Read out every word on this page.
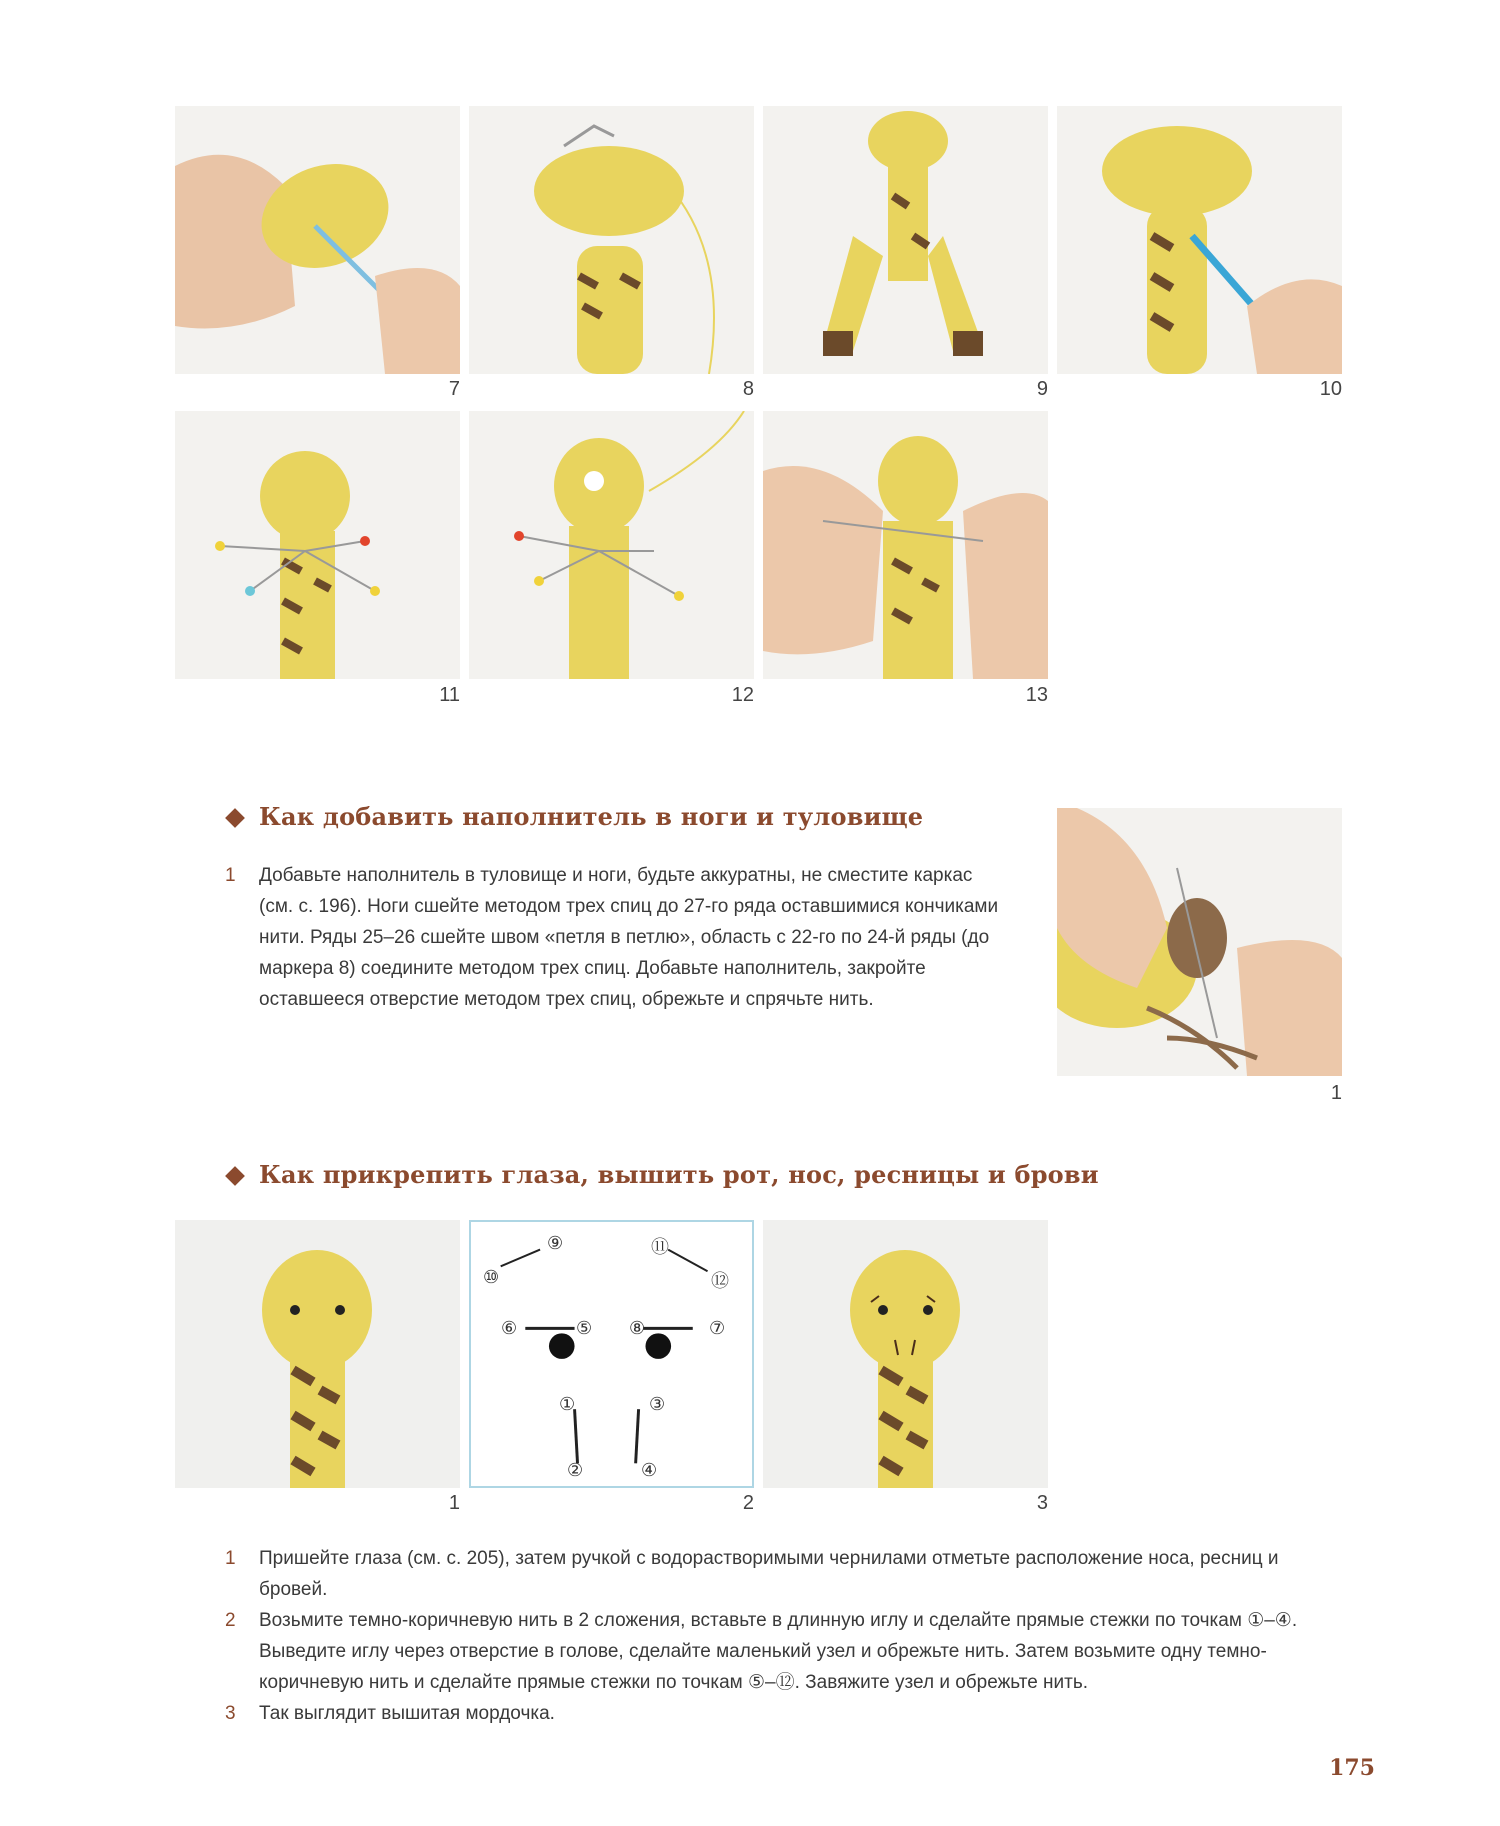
7	8	9	10
11	12	13
Как добавить наполнитель в ноги и туловище
1 Добавьте наполнитель в туловище и ноги, будьте аккуратны, не сместите каркас (см. с. 196). Ноги сшейте методом трех спиц до 27-го ряда оставшимися кончиками нити. Ряды 25–26 сшейте швом «петля в петлю», область с 22-го по 24-й ряды (до маркера 8) соедините методом трех спиц. Добавьте наполнитель, закройте оставшееся отверстие методом трех спиц, обрежьте и спрячьте нить.
1
Как прикрепить глаза, вышить рот, нос, ресницы и брови
⑨
⑩
⑪
⑫
⑥	⑤ ⑧	⑦
①	③
②	④
1	2	3
1 Пришейте глаза (см. с. 205), затем ручкой с водорастворимыми чернилами отметьте расположение носа, ресниц и бровей.
2 Возьмите темно-коричневую нить в 2 сложения, вставьте в длинную иглу и сделайте прямые стежки по точкам ①–④. Выведите иглу через отверстие в голове, сделайте маленький узел и обрежьте нить. Затем возьмите одну темно-коричневую нить и сделайте прямые стежки по точкам ⑤–⑫. Завяжите узел и обрежьте нить.
3 Так выглядит вышитая мордочка.
175
